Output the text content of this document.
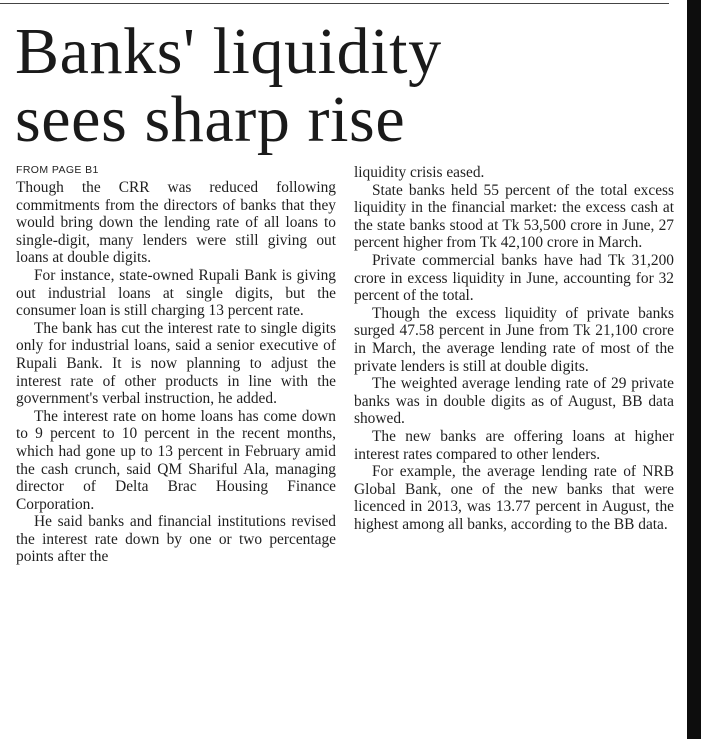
Banks' liquidity
sees sharp rise
FROM PAGE B1

Though the CRR was reduced following commitments from the directors of banks that they would bring down the lending rate of all loans to single-digit, many lenders were still giving out loans at double digits.

For instance, state-owned Rupali Bank is giving out industrial loans at single digits, but the consumer loan is still charging 13 percent rate.

The bank has cut the interest rate to single digits only for industrial loans, said a senior executive of Rupali Bank. It is now planning to adjust the interest rate of other products in line with the government's verbal instruction, he added.

The interest rate on home loans has come down to 9 percent to 10 percent in the recent months, which had gone up to 13 percent in February amid the cash crunch, said QM Shariful Ala, managing director of Delta Brac Housing Finance Corporation.

He said banks and financial institutions revised the interest rate down by one or two percentage points after the

liquidity crisis eased.

State banks held 55 percent of the total excess liquidity in the financial market: the excess cash at the state banks stood at Tk 53,500 crore in June, 27 percent higher from Tk 42,100 crore in March.

Private commercial banks have had Tk 31,200 crore in excess liquidity in June, accounting for 32 percent of the total.

Though the excess liquidity of private banks surged 47.58 percent in June from Tk 21,100 crore in March, the average lending rate of most of the private lenders is still at double digits.

The weighted average lending rate of 29 private banks was in double digits as of August, BB data showed.

The new banks are offering loans at higher interest rates compared to other lenders.

For example, the average lending rate of NRB Global Bank, one of the new banks that were licenced in 2013, was 13.77 percent in August, the highest among all banks, according to the BB data.
